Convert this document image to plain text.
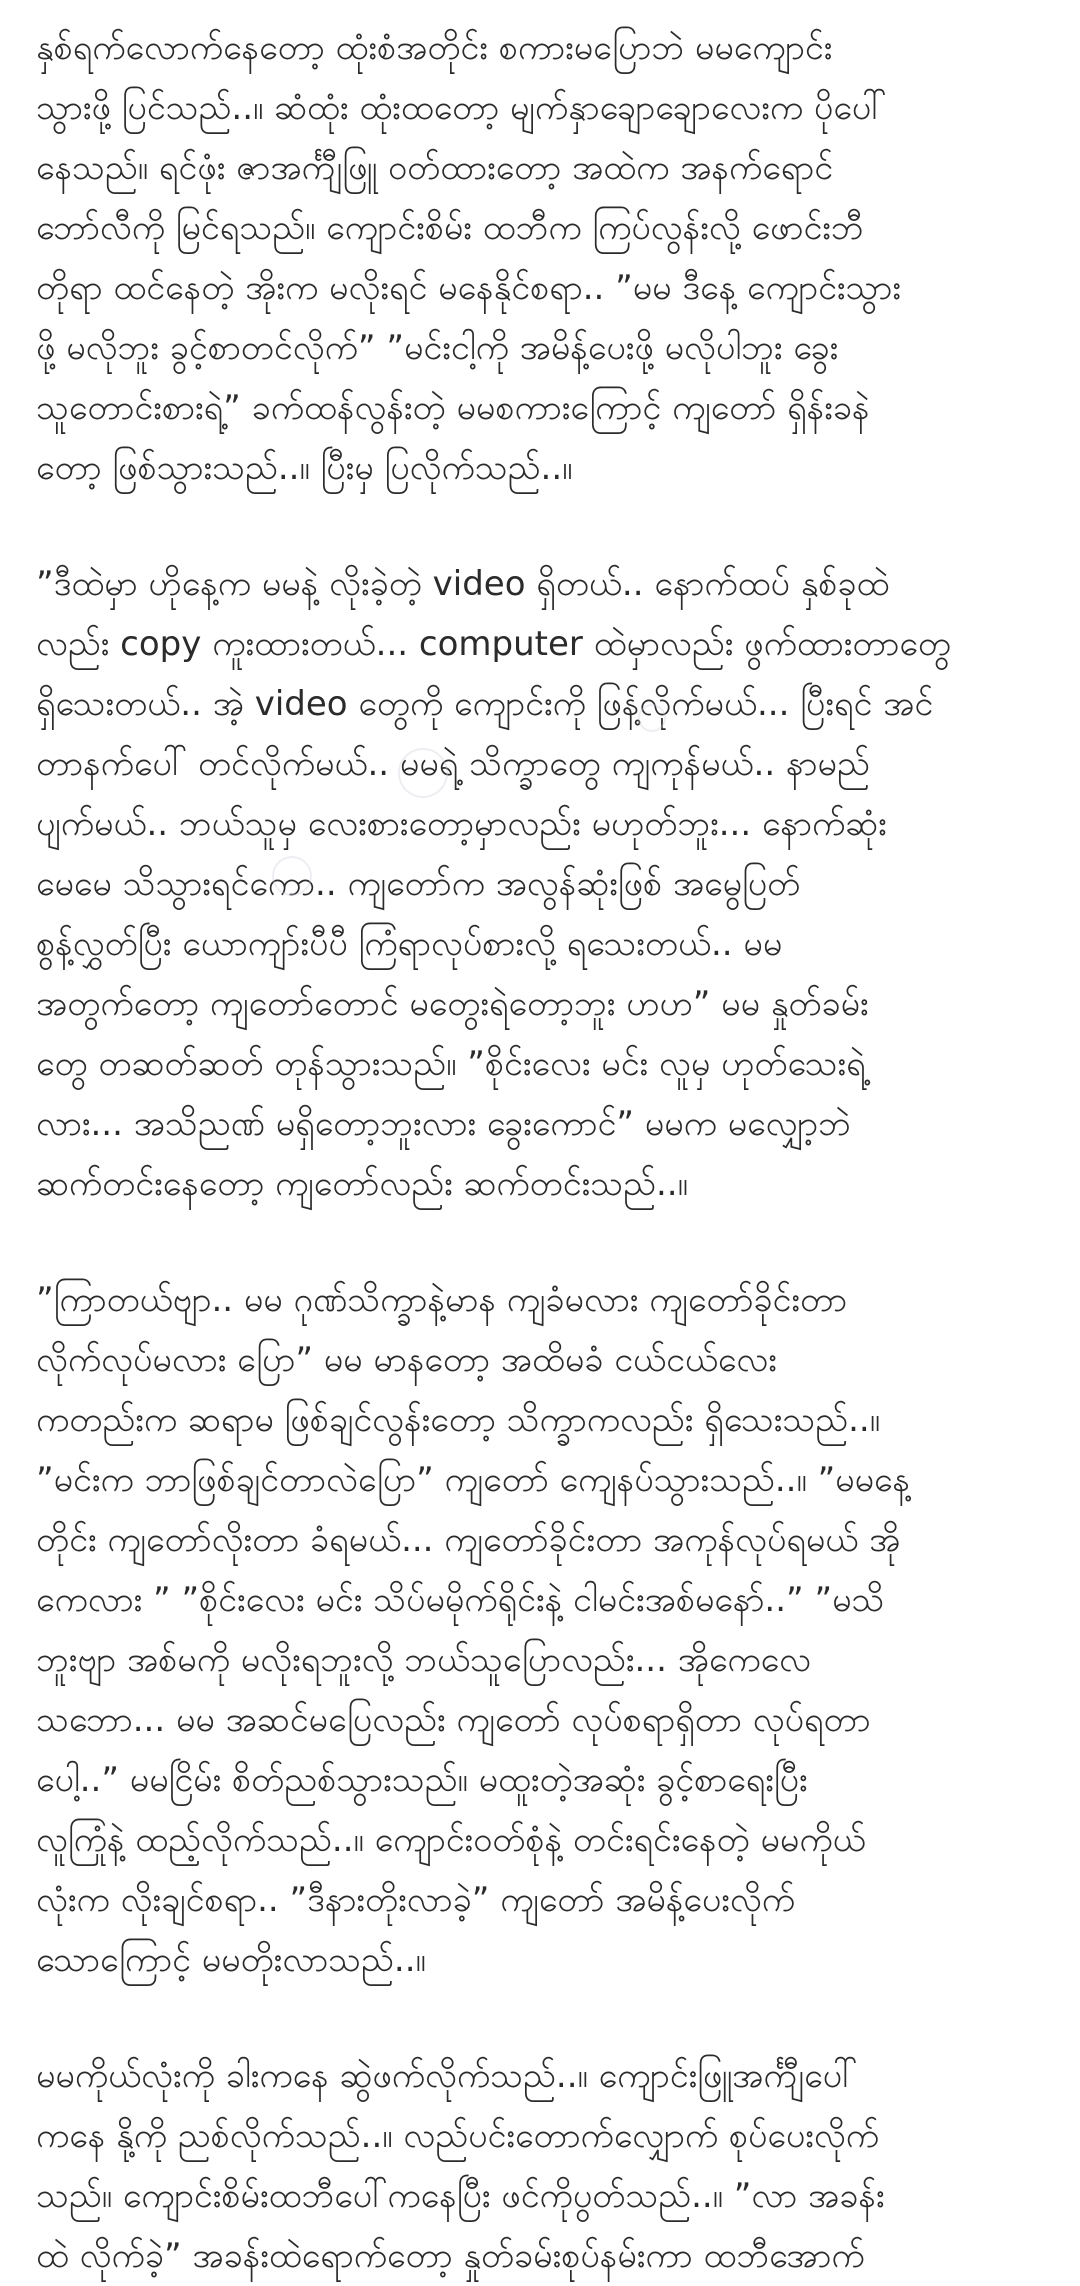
နှစ်ရက်လောက်နေတော့ ထုံးစံအတိုင်း စကားမပြောဘဲ မမကျောင်း
သွားဖို့ ပြင်သည်..။ ဆံထုံး ထုံးထတော့ မျက်နှာချောချောလေးက ပိုပေါ်
နေသည်။ ရင်ဖုံး ဇာအင်္ကျီဖြူ ဝတ်ထားတော့ အထဲက အနက်ရောင်
ဘော်လီကို မြင်ရသည်။ ကျောင်းစိမ်း ထဘီက ကြပ်လွန်းလို့ ဖောင်းဘီ
တိုရာ ထင်နေတဲ့ အိုးက မလိုးရင် မနေနိုင်စရာ.. ”မမ ဒီနေ့ ကျောင်းသွား
ဖို့ မလိုဘူး ခွင့်စာတင်လိုက်” ”မင်းငါ့ကို အမိန့်ပေးဖို့ မလိုပါဘူး ခွေး
သူတောင်းစားရဲ့” ခက်ထန်လွန်းတဲ့ မမစကားကြောင့် ကျတော် ရှိန်းခနဲ
တော့ ဖြစ်သွားသည်..။ ပြီးမှ ပြလိုက်သည်..။

”ဒီထဲမှာ ဟိုနေ့က မမနဲ့ လိုးခဲ့တဲ့ video ရှိတယ်.. နောက်ထပ် နှစ်ခုထဲ
လည်း copy ကူးထားတယ်... computer ထဲမှာလည်း ဖွက်ထားတာတွေ
ရှိသေးတယ်.. အဲ့ video တွေကို ကျောင်းကို ဖြန့်လိုက်မယ်... ပြီးရင် အင်
တာနက်ပေါ် တင်လိုက်မယ်.. မမရဲ့ သိက္ခာတွေ ကျကုန်မယ်.. နာမည်
ပျက်မယ်.. ဘယ်သူမှ လေးစားတော့မှာလည်း မဟုတ်ဘူး... နောက်ဆုံး
မေမေ သိသွားရင်ကော.. ကျတော်က အလွန်ဆုံးဖြစ် အမွေပြတ်
စွန့်လွှတ်ပြီး ယောကျာ်းပီပီ ကြံရာလုပ်စားလို့ ရသေးတယ်.. မမ
အတွက်တော့ ကျတော်တောင် မတွေးရဲတော့ဘူး ဟဟ” မမ နှုတ်ခမ်း
တွေ တဆတ်ဆတ် တုန်သွားသည်။ ”စိုင်းလေး မင်း လူမှ ဟုတ်သေးရဲ့
လား... အသိညဏ် မရှိတော့ဘူးလား ခွေးကောင်” မမက မလျှော့ဘဲ
ဆက်တင်းနေတော့ ကျတော်လည်း ဆက်တင်းသည်..။

”ကြာတယ်ဗျာ.. မမ ဂုဏ်သိက္ခာနဲ့မာန ကျခံမလား ကျတော်ခိုင်းတာ
လိုက်လုပ်မလား ပြော” မမ မာနတော့ အထိမခံ ငယ်ငယ်လေး
ကတည်းက ဆရာမ ဖြစ်ချင်လွန်းတော့ သိက္ခာကလည်း ရှိသေးသည်..။
”မင်းက ဘာဖြစ်ချင်တာလဲပြော” ကျတော် ကျေနပ်သွားသည်..။ ”မမနေ့
တိုင်း ကျတော်လိုးတာ ခံရမယ်... ကျတော်ခိုင်းတာ အကုန်လုပ်ရမယ် အို
ကေလား ” ”စိုင်းလေး မင်း သိပ်မမိုက်ရိုင်းနဲ့ ငါမင်းအစ်မနော်..” ”မသိ
ဘူးဗျာ အစ်မကို မလိုးရဘူးလို့ ဘယ်သူပြောလည်း... အိုကေလေ
သဘော... မမ အဆင်မပြေလည်း ကျတော် လုပ်စရာရှိတာ လုပ်ရတာ
ပေါ့..” မမငြိမ်း စိတ်ညစ်သွားသည်။ မထူးတဲ့အဆုံး ခွင့်စာရေးပြီး
လူကြုံနဲ့ ထည့်လိုက်သည်..။ ကျောင်းဝတ်စုံနဲ့ တင်းရင်းနေတဲ့ မမကိုယ်
လုံးက လိုးချင်စရာ.. ”ဒီနားတိုးလာခဲ့” ကျတော် အမိန့်ပေးလိုက်
သောကြောင့် မမတိုးလာသည်..။

မမကိုယ်လုံးကို ခါးကနေ ဆွဲဖက်လိုက်သည်..။ ကျောင်းဖြူအင်္ကျီပေါ်
ကနေ နို့ကို ညစ်လိုက်သည်..။ လည်ပင်းတောက်လျှောက် စုပ်ပေးလိုက်
သည်။ ကျောင်းစိမ်းထဘီပေါ်ကနေပြီး ဖင်ကိုပွတ်သည်..။ ”လာ အခန်း
ထဲ လိုက်ခဲ့” အခန်းထဲရောက်တော့ နှုတ်ခမ်းစုပ်နမ်းကာ ထဘီအောက်
